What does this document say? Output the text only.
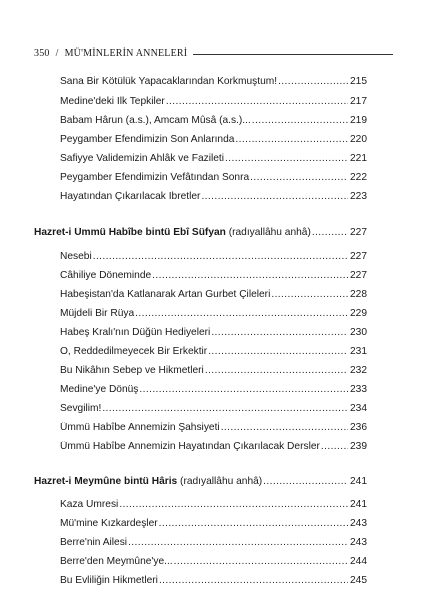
350 / MÜ'MİNLERİN ANNELERİ
Sana Bir Kötülük Yapacaklarından Korkmuştum! .....	215
Medine'deki İlk Tepkiler .....	217
Babam Hârun (a.s.), Amcam Mûsâ (a.s.)... .....	219
Peygamber Efendimizin Son Anlarında .....	220
Safiyye Validemizin Ahlâk ve Fazileti .....	221
Peygamber Efendimizin Vefâtından Sonra .....	222
Hayatından Çıkarılacak İbretler .....	223
Hazret-i Ümmü Habîbe bintü Ebî Süfyan (radıyallâhu anhâ) .....	227
Nesebi .....	227
Câhiliye Döneminde .....	227
Habeşistan'da Katlanarak Artan Gurbet Çileleri .....	228
Müjdeli Bir Rüya .....	229
Habeş Kralı'nın Düğün Hediyeleri .....	230
O, Reddedilmeyecek Bir Erkektir .....	231
Bu Nikâhın Sebep ve Hikmetleri .....	232
Medine'ye Dönüş .....	233
Sevgilim! .....	234
Ümmü Habîbe Annemizin Şahsiyeti .....	236
Ümmü Habîbe Annemizin Hayatından Çıkarılacak Dersler .....	239
Hazret-i Meymûne bintü Hâris (radıyallâhu anhâ) .....	241
Kaza Umresi .....	241
Mü'mine Kızkardeşler .....	243
Berre'nin Ailesi .....	243
Berre'den Meymûne'ye... .....	244
Bu Evliliğin Hikmetleri .....	245
